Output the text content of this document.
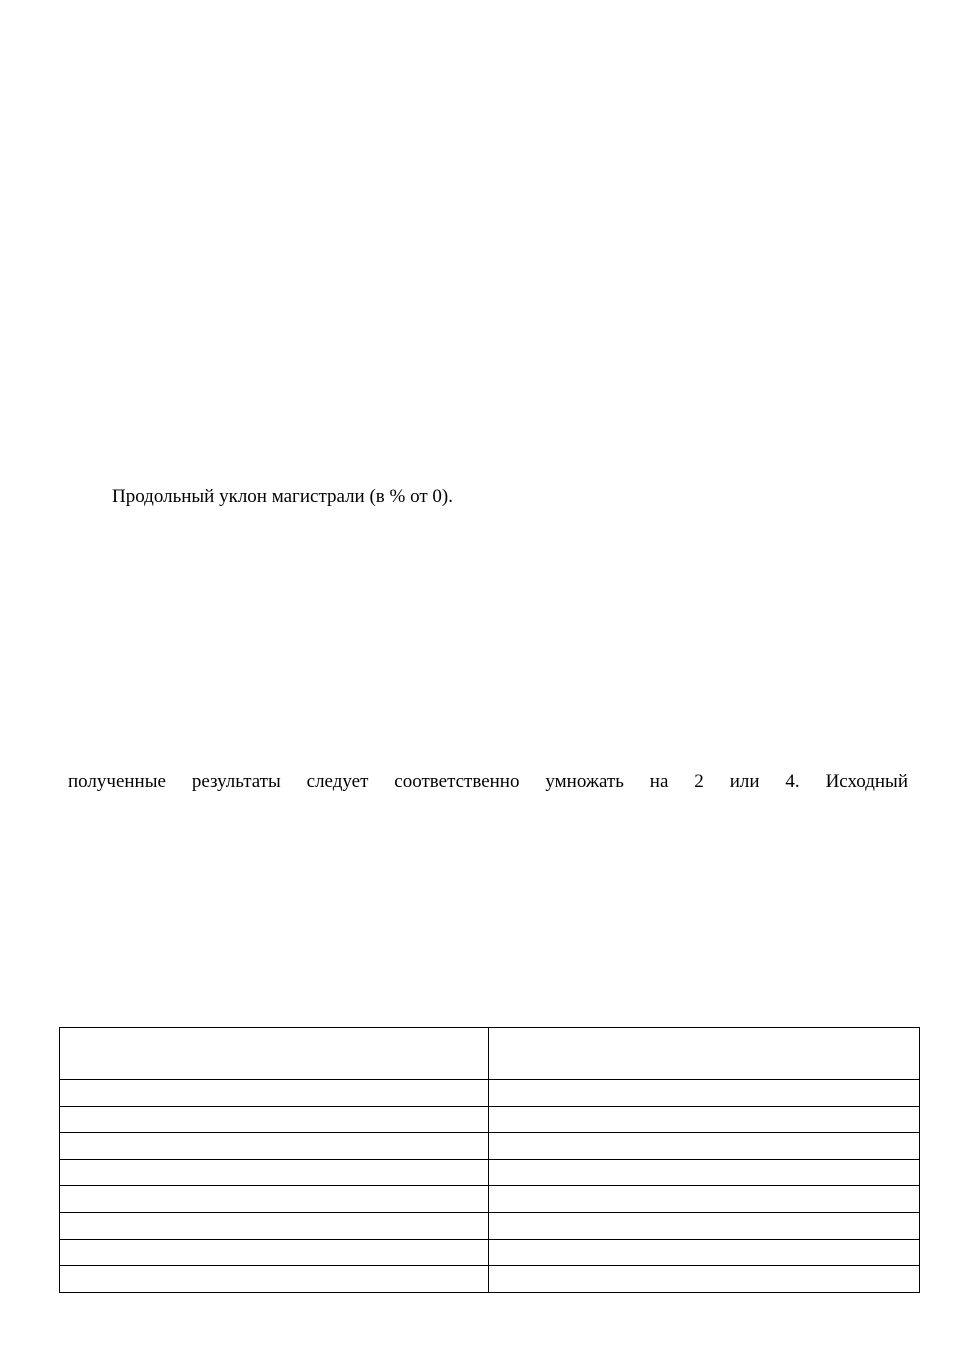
Продольный уклон магистрали (в % от 0).
полученные результаты следует соответственно умножать на 2 или 4. Исходный
